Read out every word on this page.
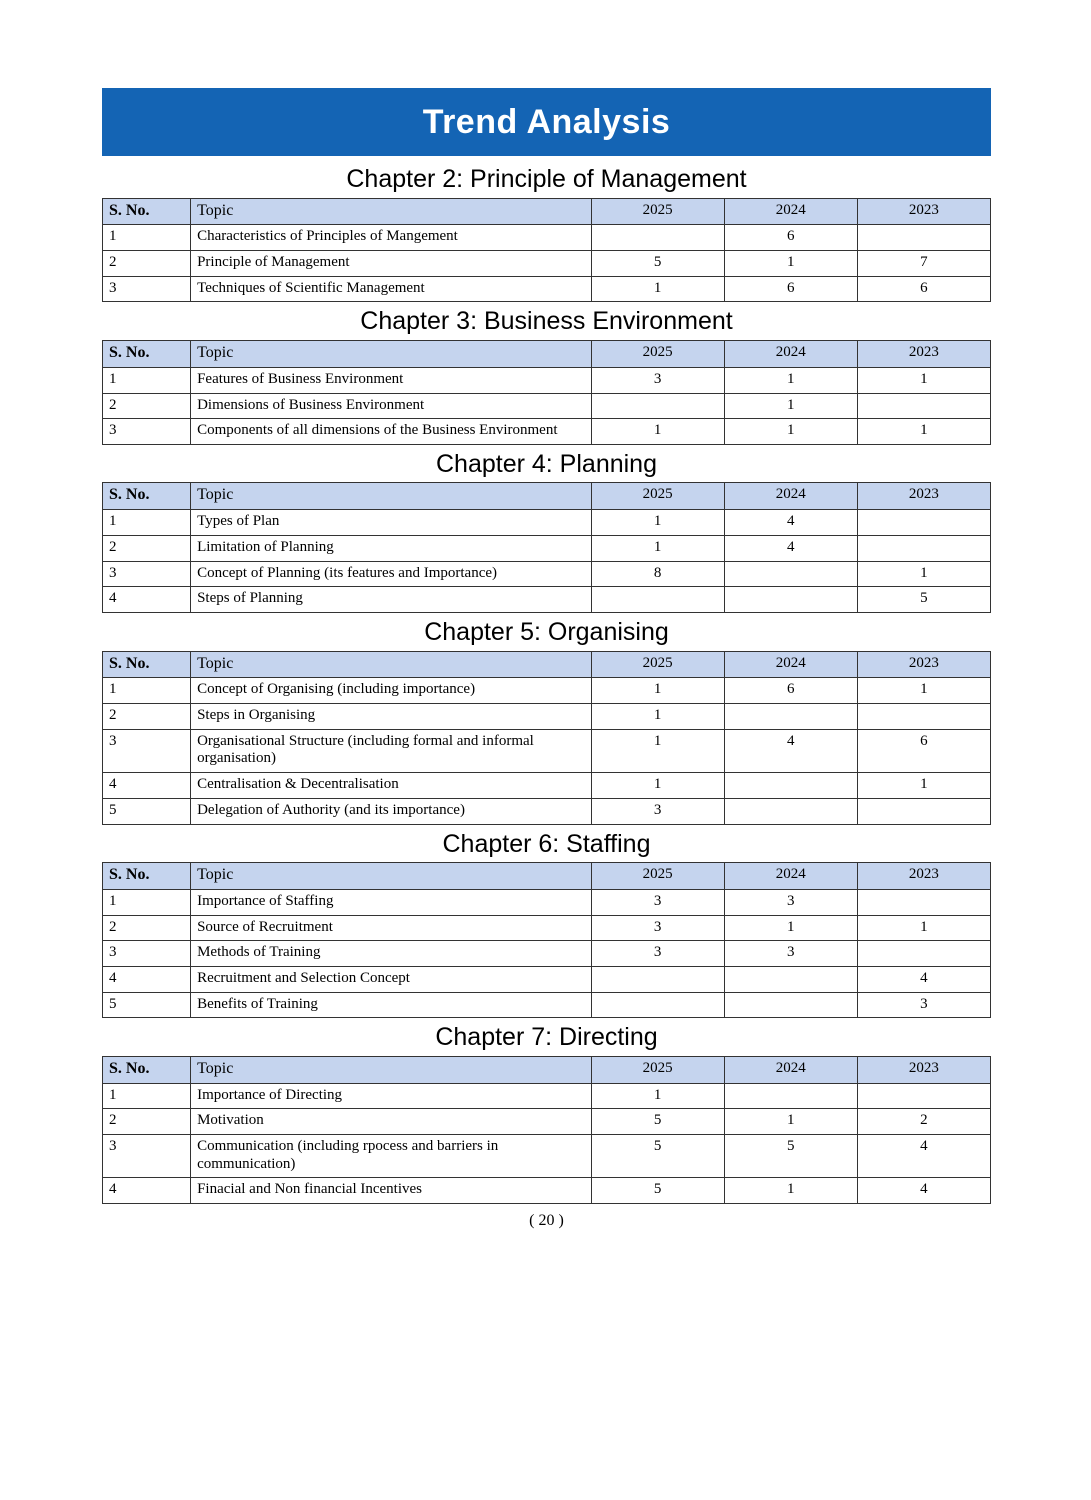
Trend Analysis
Chapter 2: Principle of Management
S. No.	Topic	2025	2024	2023
1	Characteristics of Principles of Mangement		6	
2	Principle of Management	5	1	7
3	Techniques of Scientific Management	1	6	6
Chapter 3: Business Environment
S. No.	Topic	2025	2024	2023
1	Features of Business Environment	3	1	1
2	Dimensions of Business Environment		1	
3	Components of all dimensions of the Business Environment	1	1	1
Chapter 4: Planning
S. No.	Topic	2025	2024	2023
1	Types of Plan	1	4	
2	Limitation of Planning	1	4	
3	Concept of Planning (its features and Importance)	8		1
4	Steps of Planning			5
Chapter 5: Organising
S. No.	Topic	2025	2024	2023
1	Concept of Organising (including importance)	1	6	1
2	Steps in Organising	1		
3	Organisational Structure (including formal and informal organisation)	1	4	6
4	Centralisation & Decentralisation	1		1
5	Delegation of Authority (and its importance)	3		
Chapter 6: Staffing
S. No.	Topic	2025	2024	2023
1	Importance of Staffing	3	3	
2	Source of Recruitment	3	1	1
3	Methods of Training	3	3	
4	Recruitment and Selection Concept			4
5	Benefits of Training			3
Chapter 7: Directing
S. No.	Topic	2025	2024	2023
1	Importance of Directing	1		
2	Motivation	5	1	2
3	Communication (including rpocess and barriers in communication)	5	5	4
4	Finacial and Non financial Incentives	5	1	4
( 20 )
